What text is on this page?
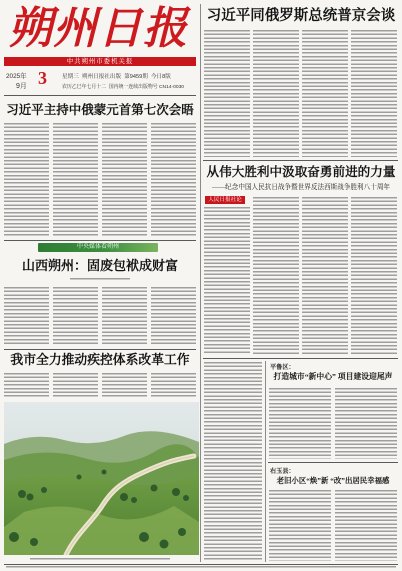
朔州日报
中共朔州市委机关报
2025年
9月 3	星期三 朔州日报社出版 第9459期 今日8版
农历乙巳年七月十二 国内统一连续出版物号 CN14-0030
习近平同俄罗斯总统普京会谈
习近平主持中俄蒙元首第七次会晤
从伟大胜利中汲取奋勇前进的力量
——纪念中国人民抗日战争暨世界反法西斯战争胜利八十周年
人民日报社论
中央媒体看朔州
山西朔州：固废包袱成财富
我市全力推动疾控体系改革工作
平鲁区：
打造城市“新中心” 项目建设迎尾声
右玉县：
老旧小区“焕”新 “改”出居民幸福感
